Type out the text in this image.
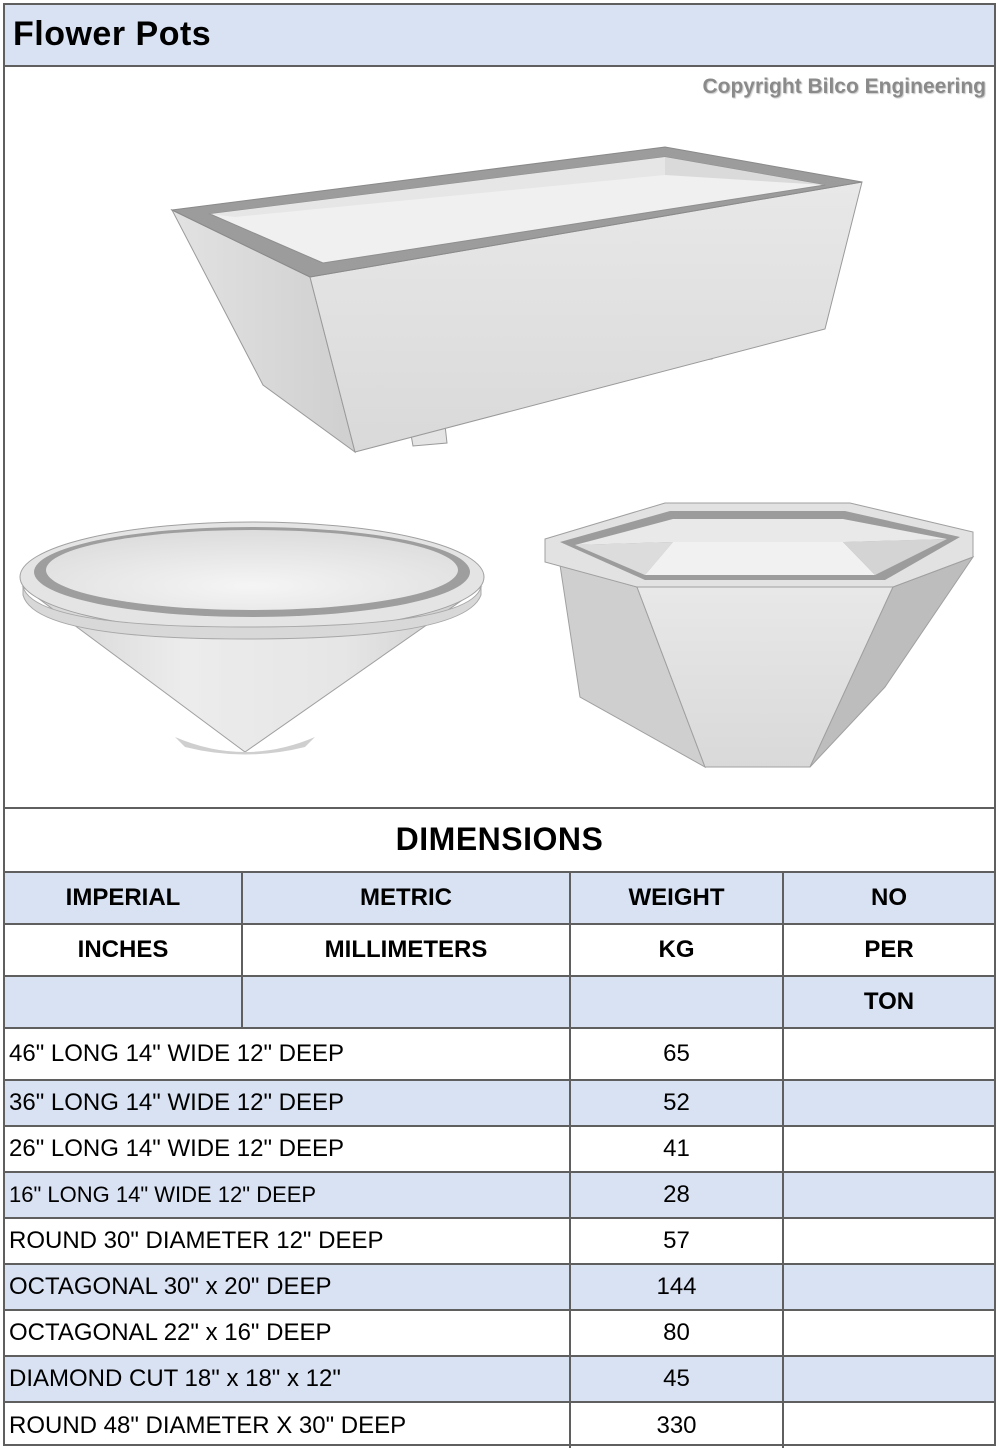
Flower Pots
Copyright Bilco Engineering
DIMENSIONS
IMPERIAL	METRIC	WEIGHT	NO
INCHES	MILLIMETERS	KG	PER
			TON
46" LONG 14" WIDE 12" DEEP		65	
36" LONG 14" WIDE 12" DEEP		52	
26" LONG 14" WIDE 12" DEEP		41	
16" LONG 14" WIDE 12" DEEP		28	
ROUND 30" DIAMETER 12" DEEP		57	
OCTAGONAL 30" x 20" DEEP		144	
OCTAGONAL 22" x 16" DEEP		80	
DIAMOND CUT 18" x 18" x 12"		45	
ROUND 48" DIAMETER X 30" DEEP		330	
